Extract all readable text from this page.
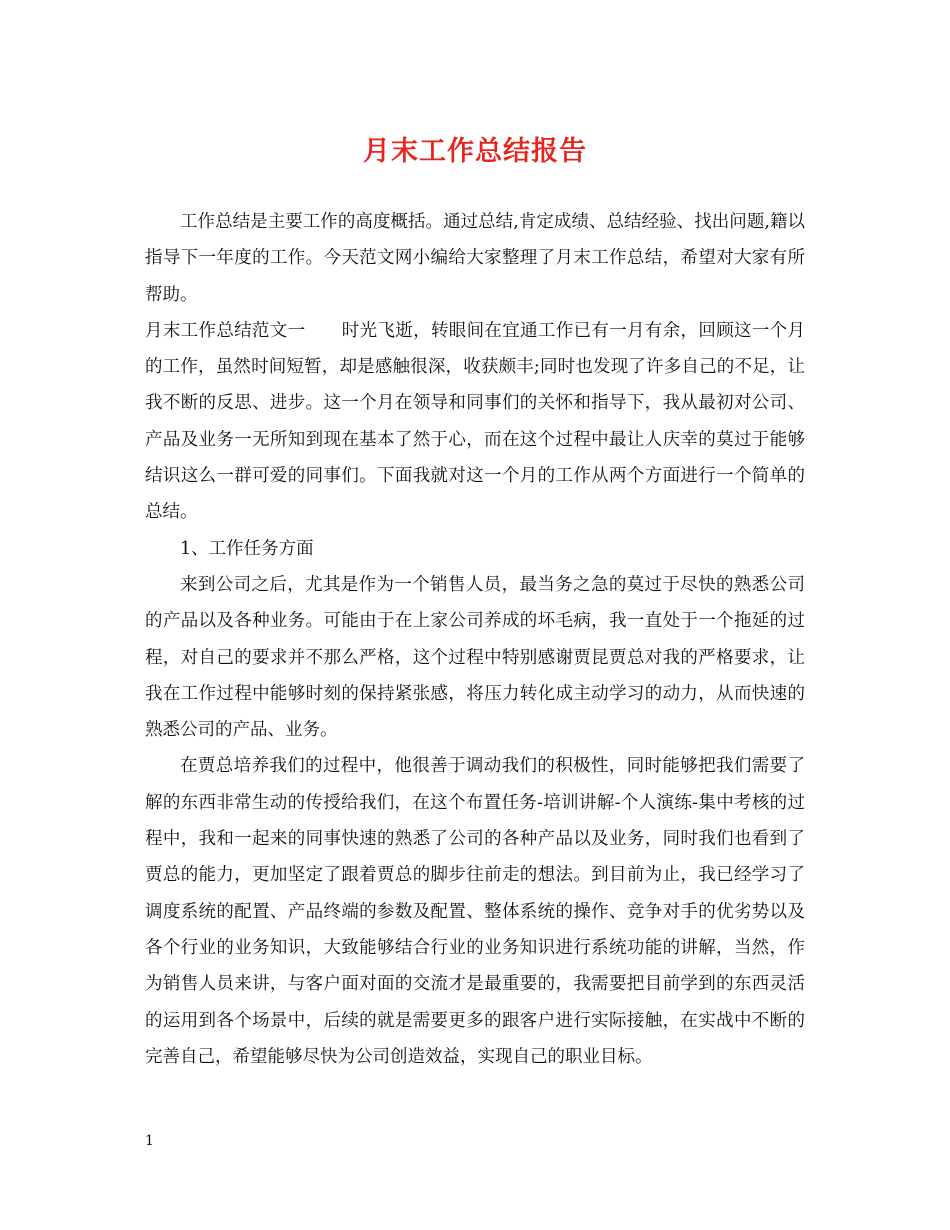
月末工作总结报告

工作总结是主要工作的高度概括。通过总结,肯定成绩、总结经验、找出问题,籍以指导下一年度的工作。今天范文网小编给大家整理了月末工作总结，希望对大家有所帮助。

月末工作总结范文一 时光飞逝，转眼间在宜通工作已有一月有余，回顾这一个月的工作，虽然时间短暂，却是感触很深，收获颇丰;同时也发现了许多自己的不足，让我不断的反思、进步。这一个月在领导和同事们的关怀和指导下，我从最初对公司、产品及业务一无所知到现在基本了然于心，而在这个过程中最让人庆幸的莫过于能够结识这么一群可爱的同事们。下面我就对这一个月的工作从两个方面进行一个简单的总结。

1、工作任务方面

来到公司之后，尤其是作为一个销售人员，最当务之急的莫过于尽快的熟悉公司的产品以及各种业务。可能由于在上家公司养成的坏毛病，我一直处于一个拖延的过程，对自己的要求并不那么严格，这个过程中特别感谢贾昆贾总对我的严格要求，让我在工作过程中能够时刻的保持紧张感，将压力转化成主动学习的动力，从而快速的熟悉公司的产品、业务。

在贾总培养我们的过程中，他很善于调动我们的积极性，同时能够把我们需要了解的东西非常生动的传授给我们，在这个布置任务-培训讲解-个人演练-集中考核的过程中，我和一起来的同事快速的熟悉了公司的各种产品以及业务，同时我们也看到了贾总的能力，更加坚定了跟着贾总的脚步往前走的想法。到目前为止，我已经学习了调度系统的配置、产品终端的参数及配置、整体系统的操作、竞争对手的优劣势以及各个行业的业务知识，大致能够结合行业的业务知识进行系统功能的讲解，当然，作为销售人员来讲，与客户面对面的交流才是最重要的，我需要把目前学到的东西灵活的运用到各个场景中，后续的就是需要更多的跟客户进行实际接触，在实战中不断的完善自己，希望能够尽快为公司创造效益，实现自己的职业目标。

1
